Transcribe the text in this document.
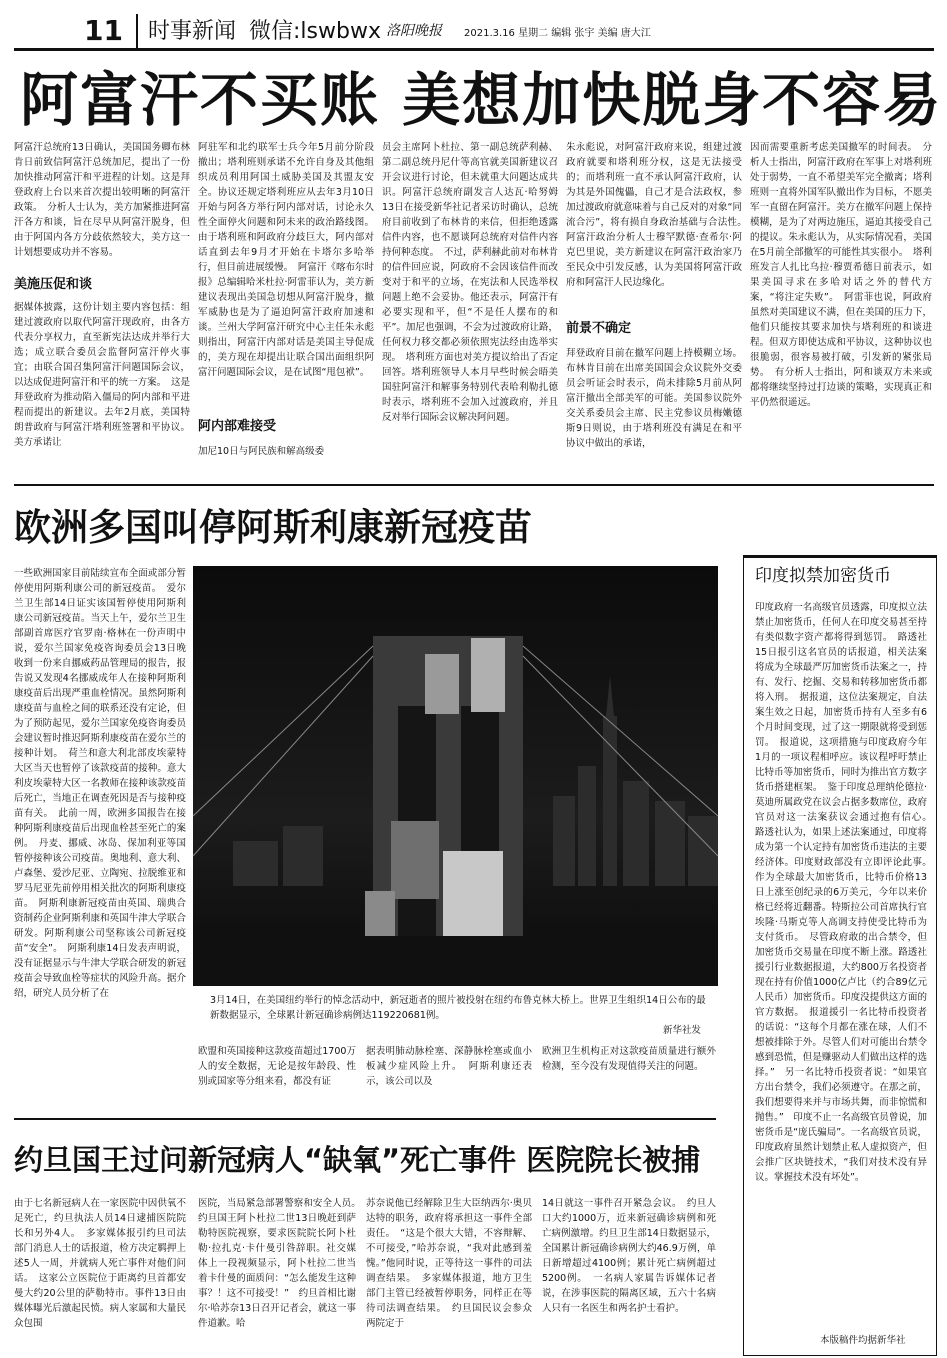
11	时事新闻 微信:lswbwx 洛阳晚报 2021.3.16 星期二 编辑 张宇 美编 唐大江
阿富汗不买账 美想加快脱身不容易
阿富汗总统府13日确认，美国国务卿布林肯日前致信阿富汗总统加尼，提出了一份加快推动阿富汗和平进程的计划。这是拜登政府上台以来首次提出较明晰的阿富汗政策。　分析人士认为，美方加紧推进阿富汗各方和谈，旨在尽早从阿富汗脱身，但由于阿国内各方分歧依然较大，美方这一计划想要成功并不容易。
美施压促和谈
据媒体披露，这份计划主要内容包括：组建过渡政府以取代阿富汗现政府，由各方代表分享权力，直至新宪法达成并举行大选；成立联合委员会监督阿富汗停火事宜；由联合国召集阿富汗问题国际会议，以达成促进阿富汗和平的统一方案。　这是拜登政府为推动陷入僵局的阿内部和平进程而提出的新建议。去年2月底，美国特朗普政府与阿富汗塔利班签署和平协议。美方承诺让
阿驻军和北约联军士兵今年5月前分阶段撤出；塔利班则承诺不允许自身及其他组织成员利用阿国土威胁美国及其盟友安全。协议还规定塔利班应从去年3月10日开始与阿各方举行阿内部对话，讨论永久性全面停火问题和阿未来的政治路线图。由于塔利班和阿政府分歧巨大，阿内部对话直到去年9月才开始在卡塔尔多哈举行，但目前进展缓慢。　阿富汗《喀布尔时报》总编辑哈米杜拉·阿雷菲认为，美方新建议表现出美国急切想从阿富汗脱身，撤军威胁也是为了逼迫阿富汗政府加速和谈。兰州大学阿富汗研究中心主任朱永彪则指出，阿富汗内部对话是美国主导促成的，美方现在却提出让联合国出面组织阿富汗问题国际会议，是在试图“甩包袱”。
阿内部难接受
加尼10日与阿民族和解高级委
员会主席阿卜杜拉、第一副总统萨利赫、第二副总统丹尼什等高官就美国新建议召开会议进行讨论，但未就重大问题达成共识。阿富汗总统府副发言人达瓦·哈努姆13日在接受新华社记者采访时确认，总统府目前收到了布林肯的来信，但拒绝透露信件内容，也不愿谈阿总统府对信件内容持何种态度。　不过，萨利赫此前对布林肯的信件回应说，阿政府不会因该信件而改变对于和平的立场，在宪法和人民选举权问题上绝不会妥协。他还表示，阿富汗有必要实现和平，但“不是任人摆布的和平”。加尼也强调，不会为过渡政府让路，任何权力移交都必须依照宪法经由选举实现。　塔利班方面也对美方提议给出了否定回答。塔利班领导人本月早些时候会晤美国驻阿富汗和解事务特别代表哈利勒扎德时表示，塔利班不会加入过渡政府，并且反对举行国际会议解决阿问题。
朱永彪说，对阿富汗政府来说，组建过渡政府就要和塔利班分权，这是无法接受的；而塔利班一直不承认阿富汗政府，认为其是外国傀儡，自己才是合法政权，参加过渡政府就意味着与自己反对的对象“同流合污”，将有损自身政治基础与合法性。　阿富汗政治分析人士穆罕默德·查希尔·阿克巴里说，美方新建议在阿富汗政治家乃至民众中引发反感，认为美国将阿富汗政府和阿富汗人民边缘化。
前景不确定
拜登政府目前在撤军问题上持模糊立场。布林肯目前在出席美国国会众议院外交委员会听证会时表示，尚未排除5月前从阿富汗撤出全部美军的可能。美国参议院外交关系委员会主席、民主党参议员梅嫩德斯9日则说，由于塔利班没有满足在和平协议中做出的承诺，
因而需要重新考虑美国撤军的时间表。　分析人士指出，阿富汗政府在军事上对塔利班处于弱势，一直不希望美军完全撤离；塔利班则一直将外国军队撤出作为目标，不愿美军一直留在阿富汗。美方在撤军问题上保持模糊，是为了对两边施压，逼迫其接受自己的提议。朱永彪认为，从实际情况看，美国在5月前全部撤军的可能性其实很小。　塔利班发言人扎比乌拉·穆贾希德日前表示，如果美国寻求在多哈对话之外的替代方案，“将注定失败”。　阿雷菲也说，阿政府虽然对美国建议不满，但在美国的压力下，他们只能按其要求加快与塔利班的和谈进程。但双方即使达成和平协议，这种协议也很脆弱，很容易被打破，引发新的紧张局势。　有分析人士指出，阿和谈双方未来或都将继续坚持过打边谈的策略，实现真正和平仍然很遥远。
欧洲多国叫停阿斯利康新冠疫苗
一些欧洲国家目前陆续宣布全面或部分暂停使用阿斯利康公司的新冠疫苗。　爱尔兰卫生部14日证实该国暂停使用阿斯利康公司新冠疫苗。当天上午，爱尔兰卫生部副首席医疗官罗南·格林在一份声明中说，爱尔兰国家免疫咨询委员会13日晚收到一份来自挪威药品管理局的报告，报告说又发现4名挪威成年人在接种阿斯利康疫苗后出现严重血栓情况。虽然阿斯利康疫苗与血栓之间的联系还没有定论，但为了预防起见，爱尔兰国家免疫咨询委员会建议暂时推迟阿斯利康疫苗在爱尔兰的接种计划。　荷兰和意大利北部皮埃蒙特大区当天也暂停了该款疫苗的接种。意大利皮埃蒙特大区一名教师在接种该款疫苗后死亡，当地正在调查死因是否与接种疫苗有关。　此前一周，欧洲多国报告在接种阿斯利康疫苗后出现血栓甚至死亡的案例。　丹麦、挪威、冰岛、保加利亚等国暂停接种该公司疫苗。奥地利、意大利、卢森堡、爱沙尼亚、立陶宛、拉脱维亚和罗马尼亚先前停用相关批次的阿斯利康疫苗。　阿斯利康新冠疫苗由英国、瑞典合资制药企业阿斯利康和英国牛津大学联合研发。阿斯利康公司坚称该公司新冠疫苗“安全”。　阿斯利康14日发表声明说，没有证据显示与牛津大学联合研发的新冠疫苗会导致血栓等症状的风险升高。据介绍，研究人员分析了在
3月14日，在美国纽约举行的悼念活动中，新冠逝者的照片被投射在纽约布鲁克林大桥上。世界卫生组织14日公布的最新数据显示，全球累计新冠确诊病例达119220681例。
新华社发
欧盟和英国接种这款疫苗超过1700万人的安全数据，无论是按年龄段、性别或国家等分组来看，都没有证
据表明肺动脉栓塞、深静脉栓塞或血小板减少症风险上升。　阿斯利康还表示，该公司以及
欧洲卫生机构正对这款疫苗质量进行额外检测，至今没有发现值得关注的问题。
约旦国王过问新冠病人“缺氧”死亡事件 医院院长被捕
由于七名新冠病人在一家医院中因供氧不足死亡，约旦执法人员14日逮捕医院院长和另外4人。　多家媒体报引约旦司法部门消息人士的话报道，检方决定羁押上述5人一周，并就病人死亡事件对他们问话。　这家公立医院位于距离约旦首都安曼大约20公里的萨勒特市。事件13日由媒体曝光后激起民愤。病人家属和大量民众包围
医院，当局紧急部署警察和安全人员。　约旦国王阿卜杜拉二世13日晚赶到萨勒特医院视察，要求医院院长阿卜杜勒·拉扎克·卡什曼引咎辞职。社交媒体上一段视频显示，阿卜杜拉二世当着卡什曼的面质问：“怎么能发生这种事？！这不可接受！”　约旦首相比谢尔·哈苏奈13日召开记者会，就这一事件道歉。哈
苏奈说他已经解除卫生大臣纳西尔·奥贝达特的职务，政府将承担这一事件全部责任。　“这是个很大大错，不容辩解、不可接受，”哈苏奈说，“我对此感到羞愧。”他同时说，正等待这一事件的司法调查结果。　多家媒体报道，地方卫生部门主管已经被暂停职务，同样正在等待司法调查结果。　约旦国民议会参众两院定于
14日就这一事件召开紧急会议。　约旦人口大约1000万，近来新冠确诊病例和死亡病例激增。约旦卫生部14日数据显示，全国累计新冠确诊病例大约46.9万例，单日新增超过4100例；累计死亡病例超过5200例。　一名病人家属告诉媒体记者说，在涉事医院的隔离区域，五六十名病人只有一名医生和两名护士看护。
印度拟禁加密货币
印度政府一名高级官员透露，印度拟立法禁止加密货币，任何人在印度交易甚至持有类似数字资产都将得到惩罚。　路透社15日报引这名官员的话报道，相关法案将成为全球最严厉加密货币法案之一，持有、发行、挖掘、交易和转移加密货币都将入刑。　据报道，这位法案规定，自法案生效之日起，加密货币持有人至多有6个月时间变现，过了这一期限就将受到惩罚。　报道说，这项措施与印度政府今年1月的一项议程相呼应。该议程呼吁禁止比特币等加密货币，同时为推出官方数字货币搭建框架。　鉴于印度总理纳伦德拉·莫迪所属政党在议会占据多数席位，政府官员对这一法案获议会通过抱有信心。　路透社认为，如果上述法案通过，印度将成为第一个认定持有加密货币违法的主要经济体。印度财政部没有立即评论此事。　作为全球最大加密货币，比特币价格13日上涨至创纪录的6万美元，今年以来价格已经将近翻番。特斯拉公司首席执行官埃隆·马斯克等人高调支持使受比特币为支付货币。　尽管政府敢的出合禁令，但加密货币交易量在印度不断上涨。路透社援引行业数据报道，大约800万名投资者现在持有价值1000亿卢比（约合89亿元人民币）加密货币。印度没提供这方面的官方数据。　报道援引一名比特币投资者的话说：“这每个月都在涨在球，人们不想被排除于外。尽管人们对可能出台禁令感到恐慌，但是赚驱动人们做出这样的选择。”　另一名比特币投资者说：“如果官方出台禁令，我们必须遵守。在那之前，我们想要得来并与市场共舞，而非惊慌和抛售。”　印度不止一名高级官员曾说，加密货币是“庞氏骗局”。一名高级官员说，印度政府虽然计划禁止私人虚拟资产，但会推广区块链技术，“我们对技术没有异议。掌握技术没有坏处”。
本版稿件均据新华社
